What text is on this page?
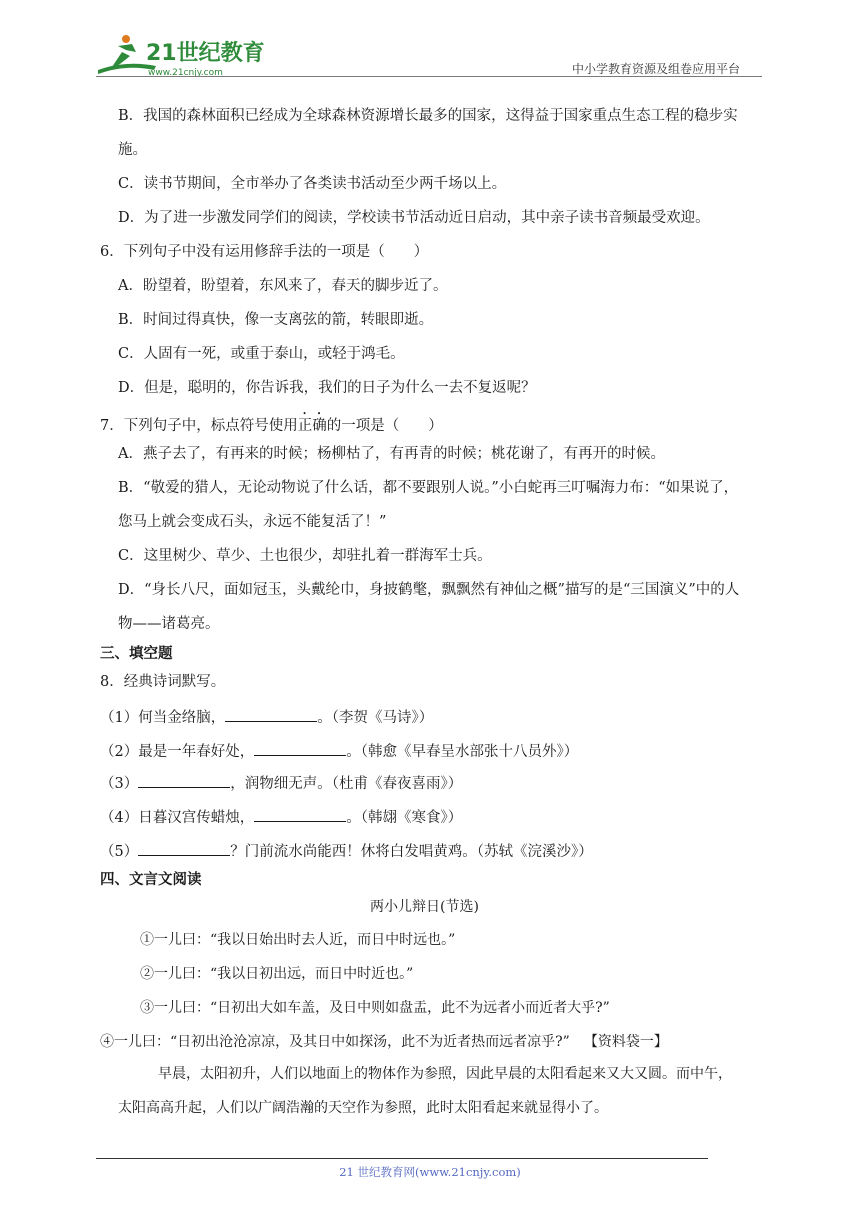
21世纪教育
www.21cnjy.com	中小学教育资源及组卷应用平台
B．我国的森林面积已经成为全球森林资源增长最多的国家，这得益于国家重点生态工程的稳步实
施。
C．读书节期间，全市举办了各类读书活动至少两千场以上。
D．为了进一步激发同学们的阅读，学校读书节活动近日启动，其中亲子读书音频最受欢迎。
6．下列句子中没有运用修辞手法的一项是（　　）
A．盼望着，盼望着，东风来了，春天的脚步近了。
B．时间过得真快，像一支离弦的箭，转眼即逝。
C．人固有一死，或重于泰山，或轻于鸿毛。
D．但是，聪明的，你告诉我，我们的日子为什么一去不复返呢？
7．下列句子中，标点符号使用正确的一项是（　　）
A．燕子去了，有再来的时候；杨柳枯了，有再青的时候；桃花谢了，有再开的时候。
B．“敬爱的猎人，无论动物说了什么话，都不要跟别人说。”小白蛇再三叮嘱海力布：“如果说了，
您马上就会变成石头，永远不能复活了！”
C．这里树少、草少、土也很少，却驻扎着一群海军士兵。
D．“身长八尺，面如冠玉，头戴纶巾，身披鹤氅，飘飘然有神仙之概”描写的是“三国演义”中的人
物——诸葛亮。
三、填空题
8．经典诗词默写。
（1）何当金络脑，	。（李贺《马诗》）
（2）最是一年春好处，	。（韩愈《早春呈水部张十八员外》）
（3）	，润物细无声。（杜甫《春夜喜雨》）
（4）日暮汉宫传蜡烛，	。（韩翃《寒食》）
（5）	？门前流水尚能西！休将白发唱黄鸡。（苏轼《浣溪沙》）
四、文言文阅读
两小儿辩日(节选)
①一儿曰：“我以日始出时去人近，而日中时远也。”
②一儿曰：“我以日初出远，而日中时近也。”
③一儿曰：“日初出大如车盖，及日中则如盘盂，此不为远者小而近者大乎?”
④一儿曰：“日初出沧沧凉凉，及其日中如探汤，此不为近者热而远者凉乎?” 【资料袋一】
早晨，太阳初升，人们以地面上的物体作为参照，因此早晨的太阳看起来又大又圆。而中午，
太阳高高升起，人们以广阔浩瀚的天空作为参照，此时太阳看起来就显得小了。
21 世纪教育网(www.21cnjy.com)
